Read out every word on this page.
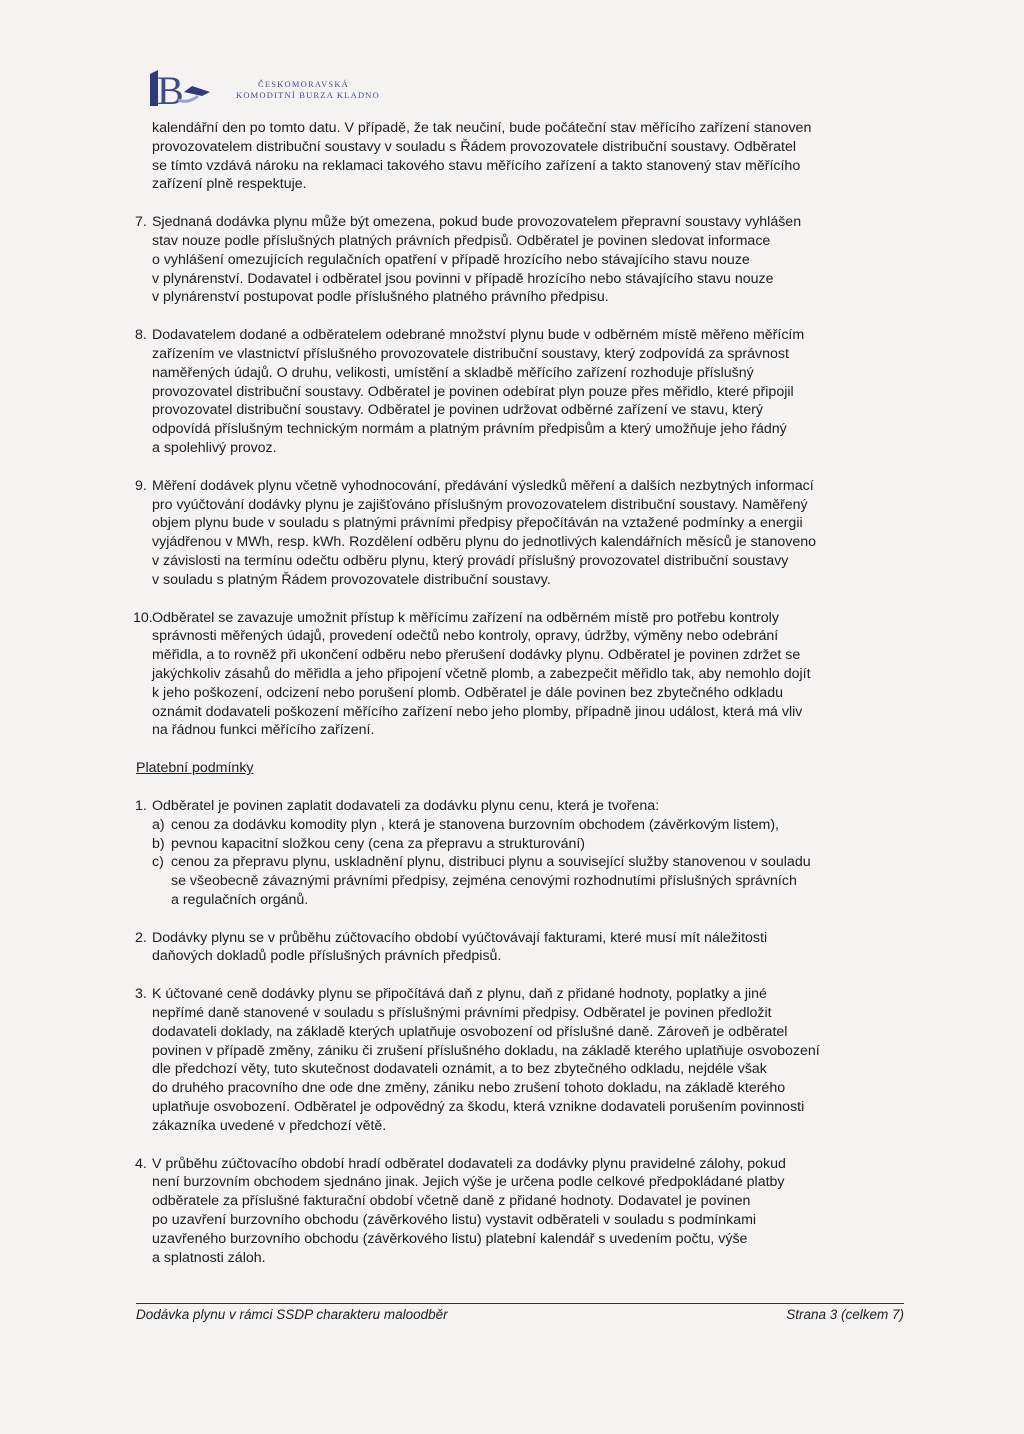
B	ČESKOMORAVSKÁ
KOMODITNÍ BURZA KLADNO
kalendářní den po tomto datu. V případě, že tak neučiní, bude počáteční stav měřícího zařízení stanoven
provozovatelem distribuční soustavy v souladu s Řádem provozovatele distribuční soustavy. Odběratel
se tímto vzdává nároku na reklamaci takového stavu měřícího zařízení a takto stanovený stav měřícího
zařízení plně respektuje.
7. Sjednaná dodávka plynu může být omezena, pokud bude provozovatelem přepravní soustavy vyhlášen
stav nouze podle příslušných platných právních předpisů. Odběratel je povinen sledovat informace
o vyhlášení omezujících regulačních opatření v případě hrozícího nebo stávajícího stavu nouze
v plynárenství. Dodavatel i odběratel jsou povinni v případě hrozícího nebo stávajícího stavu nouze
v plynárenství postupovat podle příslušného platného právního předpisu.
8. Dodavatelem dodané a odběratelem odebrané množství plynu bude v odběrném místě měřeno měřícím
zařízením ve vlastnictví příslušného provozovatele distribuční soustavy, který zodpovídá za správnost
naměřených údajů. O druhu, velikosti, umístění a skladbě měřícího zařízení rozhoduje příslušný
provozovatel distribuční soustavy. Odběratel je povinen odebírat plyn pouze přes měřidlo, které připojil
provozovatel distribuční soustavy. Odběratel je povinen udržovat odběrné zařízení ve stavu, který
odpovídá příslušným technickým normám a platným právním předpisům a který umožňuje jeho řádný
a spolehlivý provoz.
9. Měření dodávek plynu včetně vyhodnocování, předávání výsledků měření a dalších nezbytných informací
pro vyúčtování dodávky plynu je zajišťováno příslušným provozovatelem distribuční soustavy. Naměřený
objem plynu bude v souladu s platnými právními předpisy přepočítáván na vztažené podmínky a energii
vyjádřenou v MWh, resp. kWh. Rozdělení odběru plynu do jednotlivých kalendářních měsíců je stanoveno
v závislosti na termínu odečtu odběru plynu, který provádí příslušný provozovatel distribuční soustavy
v souladu s platným Řádem provozovatele distribuční soustavy.
10. Odběratel se zavazuje umožnit přístup k měřícímu zařízení na odběrném místě pro potřebu kontroly
správnosti měřených údajů, provedení odečtů nebo kontroly, opravy, údržby, výměny nebo odebrání
měřidla, a to rovněž při ukončení odběru nebo přerušení dodávky plynu. Odběratel je povinen zdržet se
jakýchkoliv zásahů do měřidla a jeho připojení včetně plomb, a zabezpečit měřidlo tak, aby nemohlo dojít
k jeho poškození, odcizení nebo porušení plomb. Odběratel je dále povinen bez zbytečného odkladu
oznámit dodavateli poškození měřícího zařízení nebo jeho plomby, případně jinou událost, která má vliv
na řádnou funkci měřícího zařízení.
Platební podmínky
1. Odběratel je povinen zaplatit dodavateli za dodávku plynu cenu, která je tvořena:
a) cenou za dodávku komodity plyn , která je stanovena burzovním obchodem (závěrkovým listem),
b) pevnou kapacitní složkou ceny (cena za přepravu a strukturování)
c) cenou za přepravu plynu, uskladnění plynu, distribuci plynu a související služby stanovenou v souladu
se všeobecně závaznými právními předpisy, zejména cenovými rozhodnutími příslušných správních
a regulačních orgánů.
2. Dodávky plynu se v průběhu zúčtovacího období vyúčtovávají fakturami, které musí mít náležitosti
daňových dokladů podle příslušných právních předpisů.
3. K účtované ceně dodávky plynu se připočítává daň z plynu, daň z přidané hodnoty, poplatky a jiné
nepřímé daně stanovené v souladu s příslušnými právními předpisy. Odběratel je povinen předložit
dodavateli doklady, na základě kterých uplatňuje osvobození od příslušné daně. Zároveň je odběratel
povinen v případě změny, zániku či zrušení příslušného dokladu, na základě kterého uplatňuje osvobození
dle předchozí věty, tuto skutečnost dodavateli oznámit, a to bez zbytečného odkladu, nejdéle však
do druhého pracovního dne ode dne změny, zániku nebo zrušení tohoto dokladu, na základě kterého
uplatňuje osvobození. Odběratel je odpovědný za škodu, která vznikne dodavateli porušením povinnosti
zákazníka uvedené v předchozí větě.
4. V průběhu zúčtovacího období hradí odběratel dodavateli za dodávky plynu pravidelné zálohy, pokud
není burzovním obchodem sjednáno jinak. Jejich výše je určena podle celkové předpokládané platby
odběratele za příslušné fakturační období včetně daně z přidané hodnoty. Dodavatel je povinen
po uzavření burzovního obchodu (závěrkového listu) vystavit odběrateli v souladu s podmínkami
uzavřeného burzovního obchodu (závěrkového listu) platební kalendář s uvedením počtu, výše
a splatnosti záloh.
Dodávka plynu v rámci SSDP charakteru maloodběr	Strana 3 (celkem 7)
